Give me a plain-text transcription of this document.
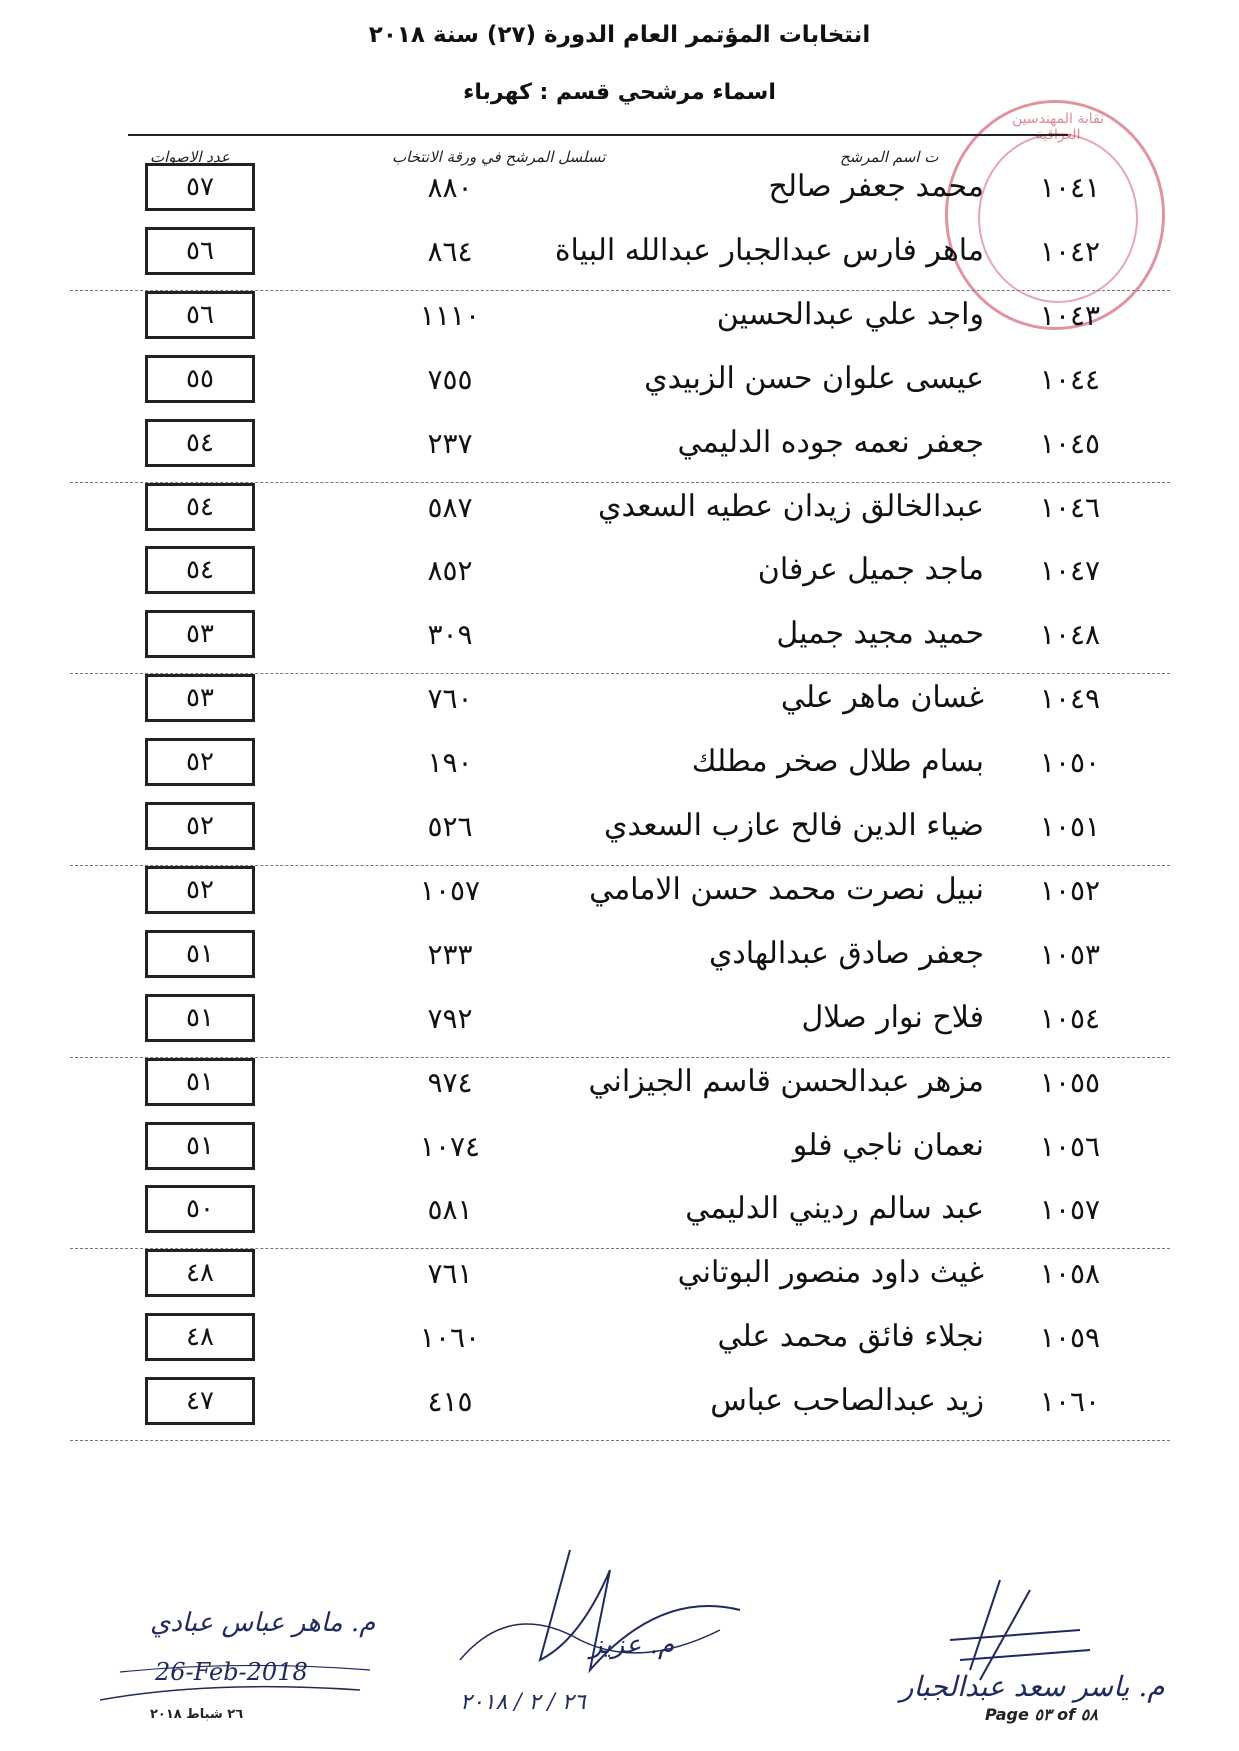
انتخابات المؤتمر العام الدورة (٢٧) سنة ٢٠١٨
اسماء مرشحي قسم : كهرباء
نقابة المهندسين العراقية
عدد الاصوات	تسلسل المرشح في ورقة الانتخاب	ت اسم المرشح
٥٧	٨٨٠	محمد جعفر صالح	١٠٤١
٥٦	٨٦٤	ماهر فارس عبدالجبار عبدالله البياة	١٠٤٢
٥٦	١١١٠	واجد علي عبدالحسين	١٠٤٣
٥٥	٧٥٥	عيسى علوان حسن الزبيدي	١٠٤٤
٥٤	٢٣٧	جعفر نعمه جوده الدليمي	١٠٤٥
٥٤	٥٨٧	عبدالخالق زيدان عطيه السعدي	١٠٤٦
٥٤	٨٥٢	ماجد جميل عرفان	١٠٤٧
٥٣	٣٠٩	حميد مجيد جميل	١٠٤٨
٥٣	٧٦٠	غسان ماهر علي	١٠٤٩
٥٢	١٩٠	بسام طلال صخر مطلك	١٠٥٠
٥٢	٥٢٦	ضياء الدين فالح عازب السعدي	١٠٥١
٥٢	١٠٥٧	نبيل نصرت محمد حسن الامامي	١٠٥٢
٥١	٢٣٣	جعفر صادق عبدالهادي	١٠٥٣
٥١	٧٩٢	فلاح نوار صلال	١٠٥٤
٥١	٩٧٤	مزهر عبدالحسن قاسم الجيزاني	١٠٥٥
٥١	١٠٧٤	نعمان ناجي فلو	١٠٥٦
٥٠	٥٨١	عبد سالم رديني الدليمي	١٠٥٧
٤٨	٧٦١	غيث داود منصور البوتاني	١٠٥٨
٤٨	١٠٦٠	نجلاء فائق محمد علي	١٠٥٩
٤٧	٤١٥	زيد عبدالصاحب عباس	١٠٦٠
م. ماهر عباس عبادي
26-Feb-2018
٢٦ شباط ٢٠١٨
م. عزيز
٢٦ / ٢ / ٢٠١٨	م. ياسر سعد عبدالجبار
Page ٥٣ of ٥٨
